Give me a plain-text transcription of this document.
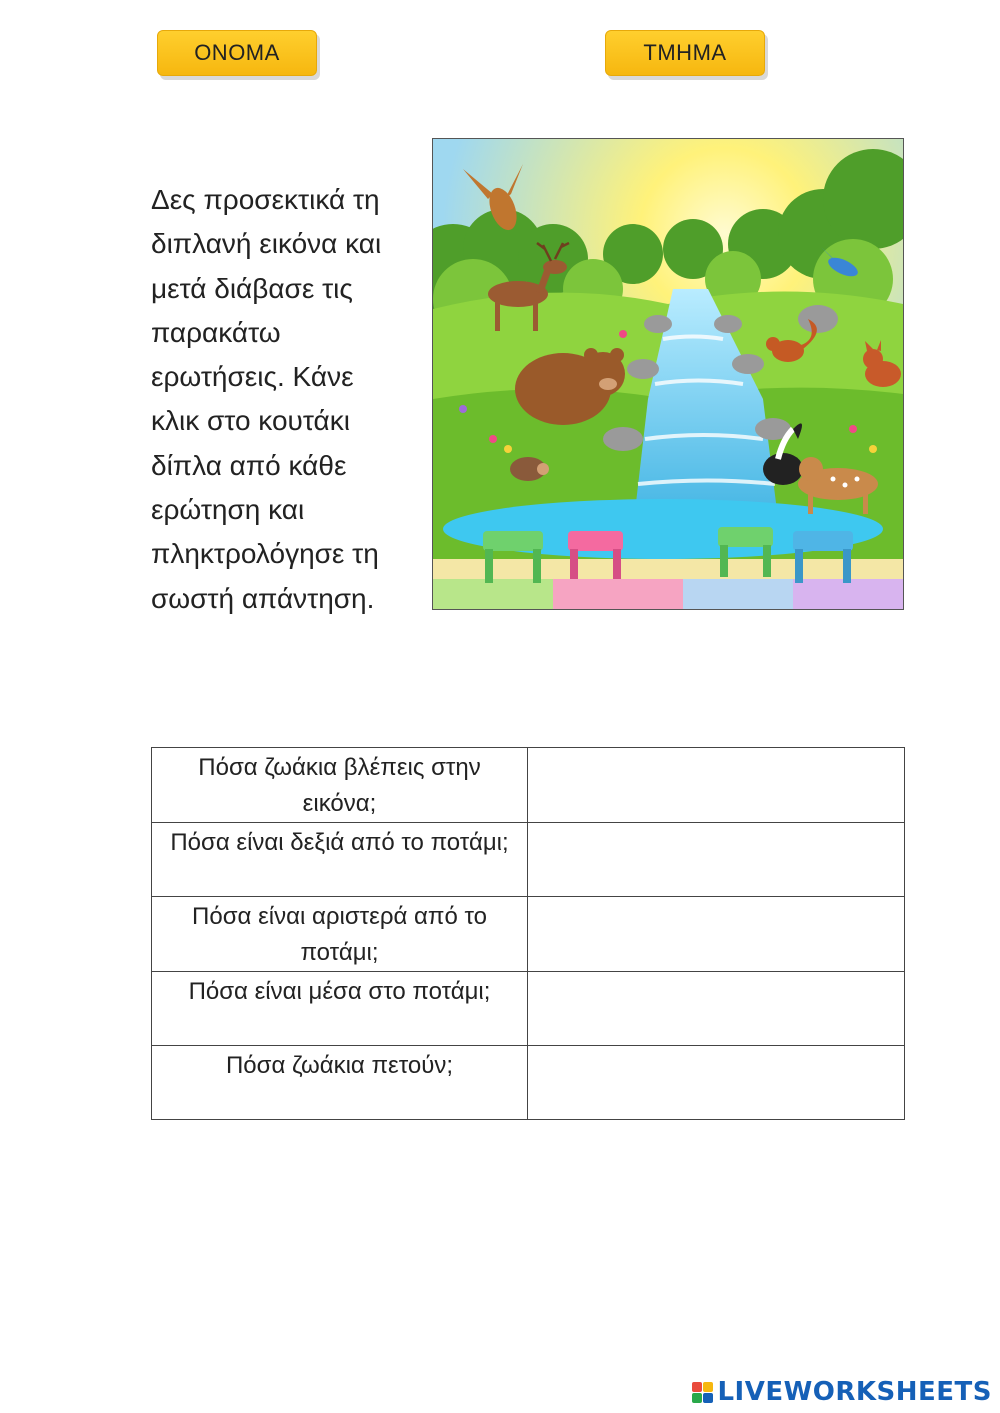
ΟΝΟΜΑ	ΤΜΗΜΑ
Δες προσεκτικά τη
διπλανή εικόνα και
μετά διάβασε τις
παρακάτω
ερωτήσεις. Κάνε
κλικ στο κουτάκι
δίπλα από κάθε
ερώτηση και
πληκτρολόγησε τη
σωστή απάντηση.
Πόσα ζωάκια βλέπεις στην εικόνα;	
Πόσα είναι δεξιά από το ποτάμι;	
Πόσα είναι αριστερά από το ποτάμι;	
Πόσα είναι μέσα στο ποτάμι;	
Πόσα ζωάκια πετούν;	
LIVEWORKSHEETS
